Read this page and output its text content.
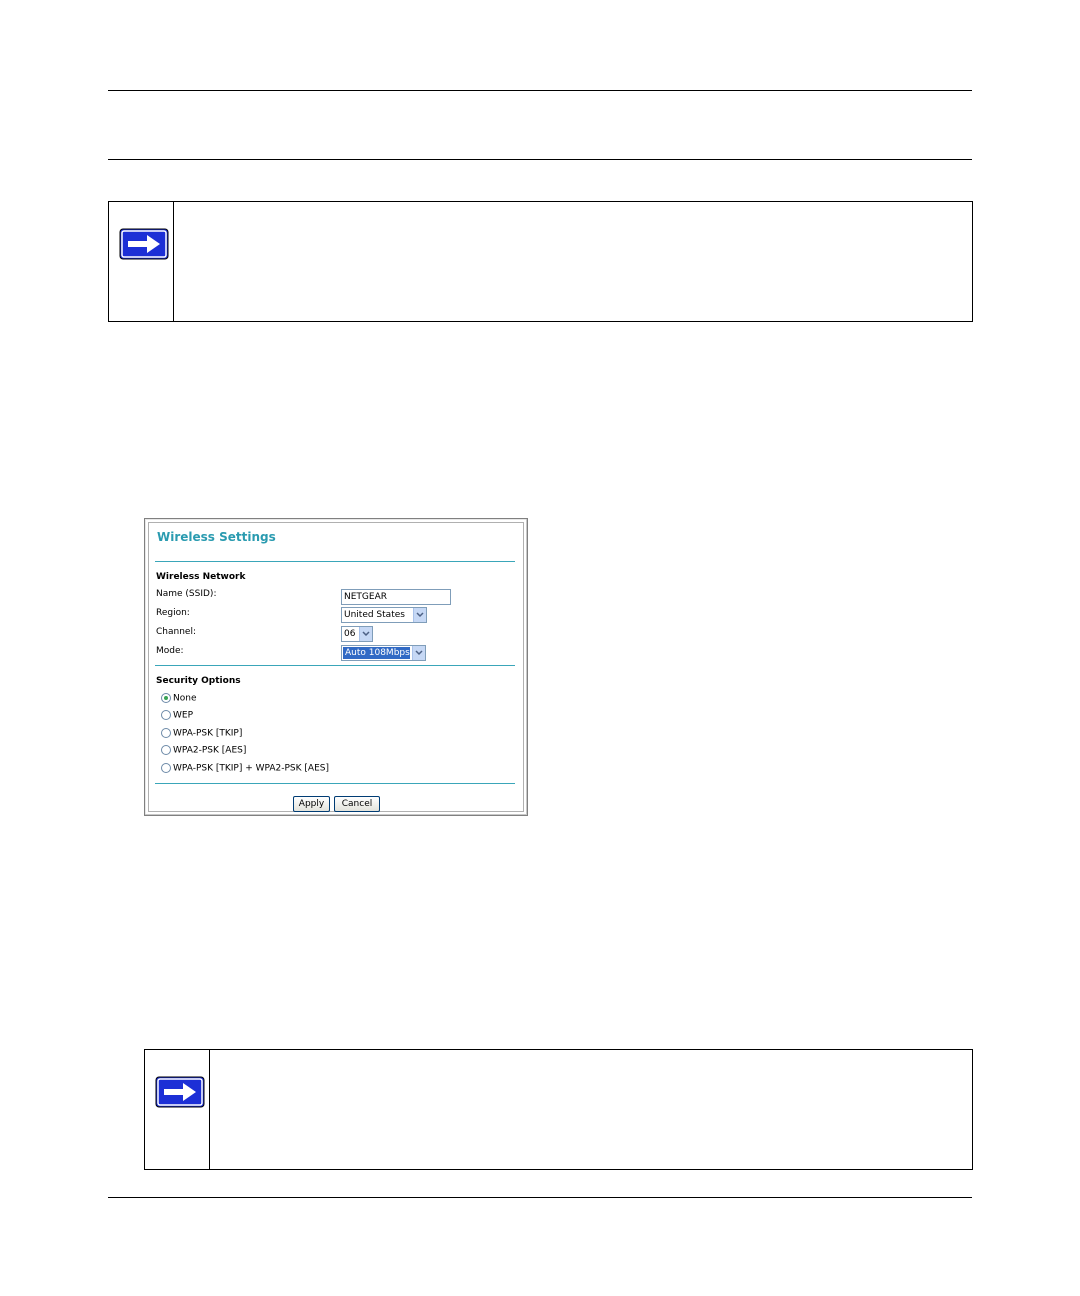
Wireless Settings
Wireless Network
Name (SSID):	NETGEAR
Region:	United States
Channel:	06
Mode:	Auto 108Mbps
Security Options
None
WEP
WPA-PSK [TKIP]
WPA2-PSK [AES]
WPA-PSK [TKIP] + WPA2-PSK [AES]
Apply	Cancel
